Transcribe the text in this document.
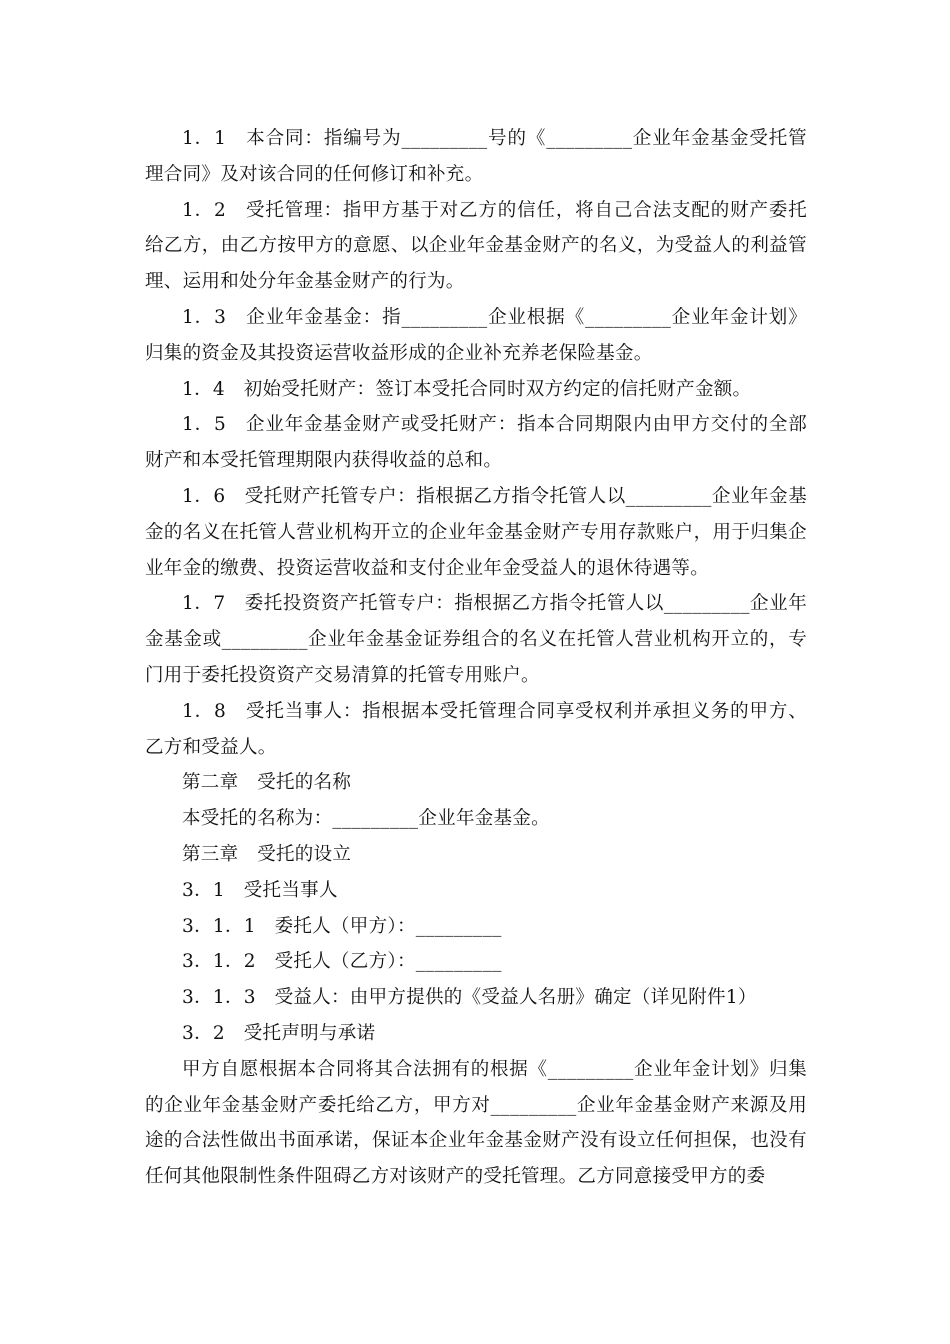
1．1　本合同：指编号为_________号的《_________企业年金基金受托管理合同》及对该合同的任何修订和补充。

1．2　受托管理：指甲方基于对乙方的信任，将自己合法支配的财产委托给乙方，由乙方按甲方的意愿、以企业年金基金财产的名义，为受益人的利益管理、运用和处分年金基金财产的行为。

1．3　企业年金基金：指_________企业根据《_________企业年金计划》归集的资金及其投资运营收益形成的企业补充养老保险基金。

1．4　初始受托财产：签订本受托合同时双方约定的信托财产金额。

1．5　企业年金基金财产或受托财产：指本合同期限内由甲方交付的全部财产和本受托管理期限内获得收益的总和。

1．6　受托财产托管专户：指根据乙方指令托管人以_________企业年金基金的名义在托管人营业机构开立的企业年金基金财产专用存款账户，用于归集企业年金的缴费、投资运营收益和支付企业年金受益人的退休待遇等。

1．7　委托投资资产托管专户：指根据乙方指令托管人以_________企业年金基金或_________企业年金基金证券组合的名义在托管人营业机构开立的，专门用于委托投资资产交易清算的托管专用账户。

1．8　受托当事人：指根据本受托管理合同享受权利并承担义务的甲方、乙方和受益人。

第二章　受托的名称

本受托的名称为：_________企业年金基金。

第三章　受托的设立

3．1　受托当事人

3．1．1　委托人（甲方）：_________

3．1．2　受托人（乙方）：_________

3．1．3　受益人：由甲方提供的《受益人名册》确定（详见附件1）

3．2　受托声明与承诺

甲方自愿根据本合同将其合法拥有的根据《_________企业年金计划》归集的企业年金基金财产委托给乙方，甲方对_________企业年金基金财产来源及用途的合法性做出书面承诺，保证本企业年金基金财产没有设立任何担保，也没有任何其他限制性条件阻碍乙方对该财产的受托管理。乙方同意接受甲方的委
